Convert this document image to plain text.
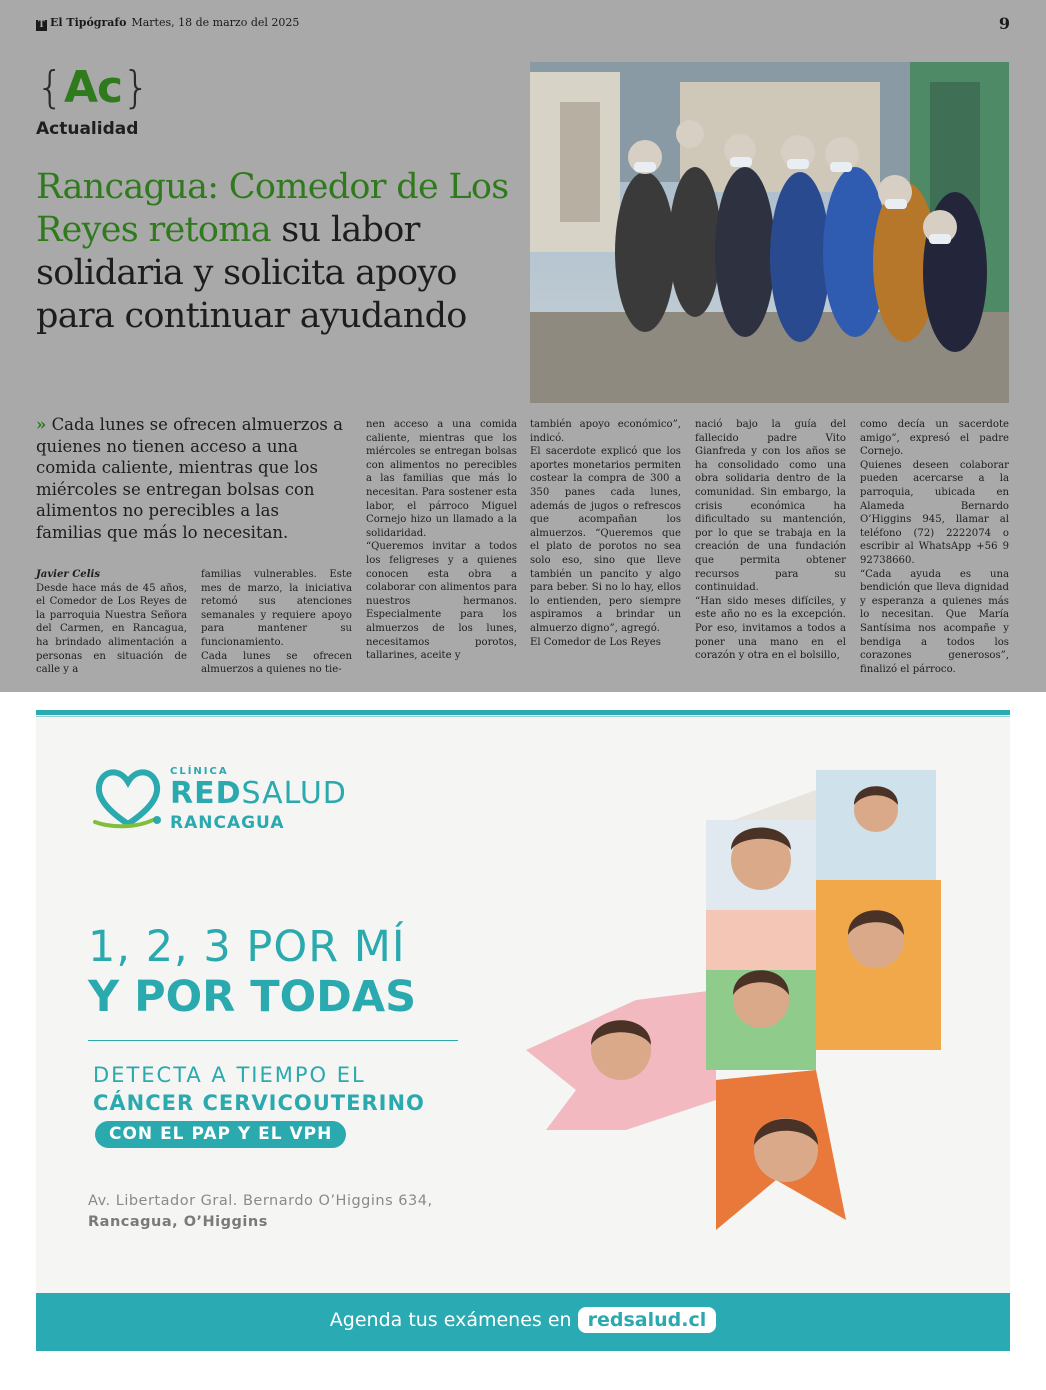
T El Tipógrafo Martes, 18 de marzo del 2025	9
{Ac}
Actualidad
Rancagua: Comedor de Los Reyes retoma su labor solidaria y solicita apoyo para continuar ayudando

» Cada lunes se ofrecen almuerzos a quienes no tienen acceso a una comida caliente, mientras que los miércoles se entregan bolsas con alimentos no perecibles a las familias que más lo necesitan.

Javier Celis
Desde hace más de 45 años, el Comedor de Los Reyes de la parroquia Nuestra Señora del Carmen, en Rancagua, ha brindado alimentación a personas en situación de calle y a
familias vulnerables. Este mes de marzo, la iniciativa retomó sus atenciones semanales y requiere apoyo para mantener su funcionamiento.
Cada lunes se ofrecen almuerzos a quienes no tie-
nen acceso a una comida caliente, mientras que los miércoles se entregan bolsas con alimentos no perecibles a las familias que más lo necesitan. Para sostener esta labor, el párroco Miguel Cornejo hizo un llamado a la solidaridad.
“Queremos invitar a todos los feligreses y a quienes conocen esta obra a colaborar con alimentos para nuestros hermanos. Especialmente para los almuerzos de los lunes, necesitamos porotos, tallarines, aceite y
también apoyo económico”, indicó.
El sacerdote explicó que los aportes monetarios permiten costear la compra de 300 a 350 panes cada lunes, además de jugos o refrescos que acompañan los almuerzos. “Queremos que el plato de porotos no sea solo eso, sino que lleve también un pancito y algo para beber. Si no lo hay, ellos lo entienden, pero siempre aspiramos a brindar un almuerzo digno”, agregó.
El Comedor de Los Reyes
nació bajo la guía del fallecido padre Vito Gianfreda y con los años se ha consolidado como una obra solidaria dentro de la comunidad. Sin embargo, la crisis económica ha dificultado su mantención, por lo que se trabaja en la creación de una fundación que permita obtener recursos para su continuidad.
“Han sido meses difíciles, y este año no es la excepción. Por eso, invitamos a todos a poner una mano en el corazón y otra en el bolsillo,
como decía un sacerdote amigo”, expresó el padre Cornejo.
Quienes deseen colaborar pueden acercarse a la parroquia, ubicada en Alameda Bernardo O’Higgins 945, llamar al teléfono (72) 2222074 o escribir al WhatsApp +56 9 92738660.
“Cada ayuda es una bendición que lleva dignidad y esperanza a quienes más lo necesitan. Que María Santísima nos acompañe y bendiga a todos los corazones generosos”, finalizó el párroco.
CLÍNICA
REDSALUD
RANCAGUA
1, 2, 3 POR MÍ
Y POR TODAS
DETECTA A TIEMPO EL
CÁNCER CERVICOUTERINO
CON EL PAP Y EL VPH
Av. Libertador Gral. Bernardo O’Higgins 634,
Rancagua, O’Higgins
Agenda tus exámenes en redsalud.cl
